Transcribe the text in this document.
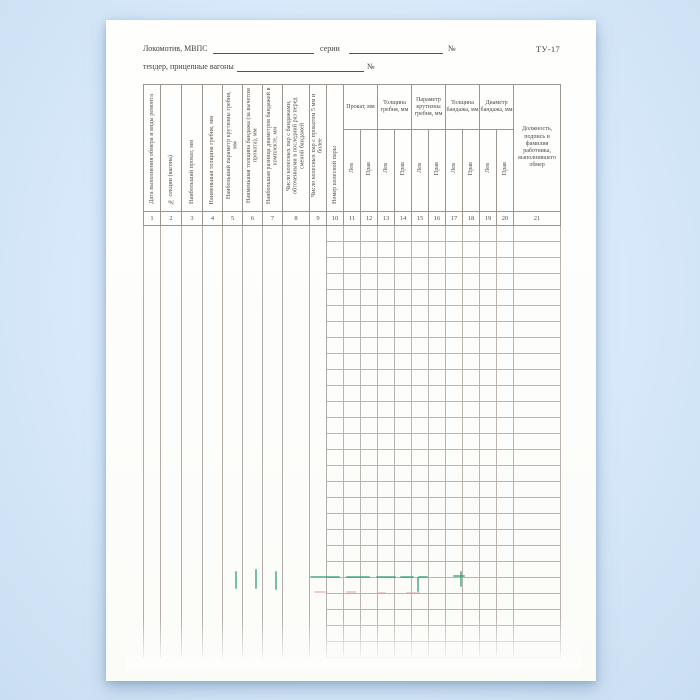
Локомотив, МВПС	серии	№	ТУ-17
тендер, прицепные вагоны	№
Дата выполнения обмера и виды ремонта	№ секции (вагона)	Наибольший прокат, мм	Наименьшая толщина гребня, мм	Наибольший параметр крутизны гребня, мм	Наименьшая толщина бандажа (за вычетом проката), мм	Наибольшая разница диаметров бандажей в комплекте, мм	Число колесных пар с бандажами, обточенными в последний раз перед сменой бандажей	Число колесных пар с прокатом 5 мм и более	Номер колесной пары	Прокат, мм		Толщина гребня, мм		Параметр крутизны гребня, мм		Толщина бандажа, мм		Диаметр бандажа, мм		Должность, подпись и фамилия работника, выполнившего обмер
										Лев	Прав	Лев	Прав	Лев	Прав	Лев	Прав	Лев	Прав	
1	2	3	4	5	6	7	8	9	10	11	12	13	14	15	16	17	18	19	20	21
